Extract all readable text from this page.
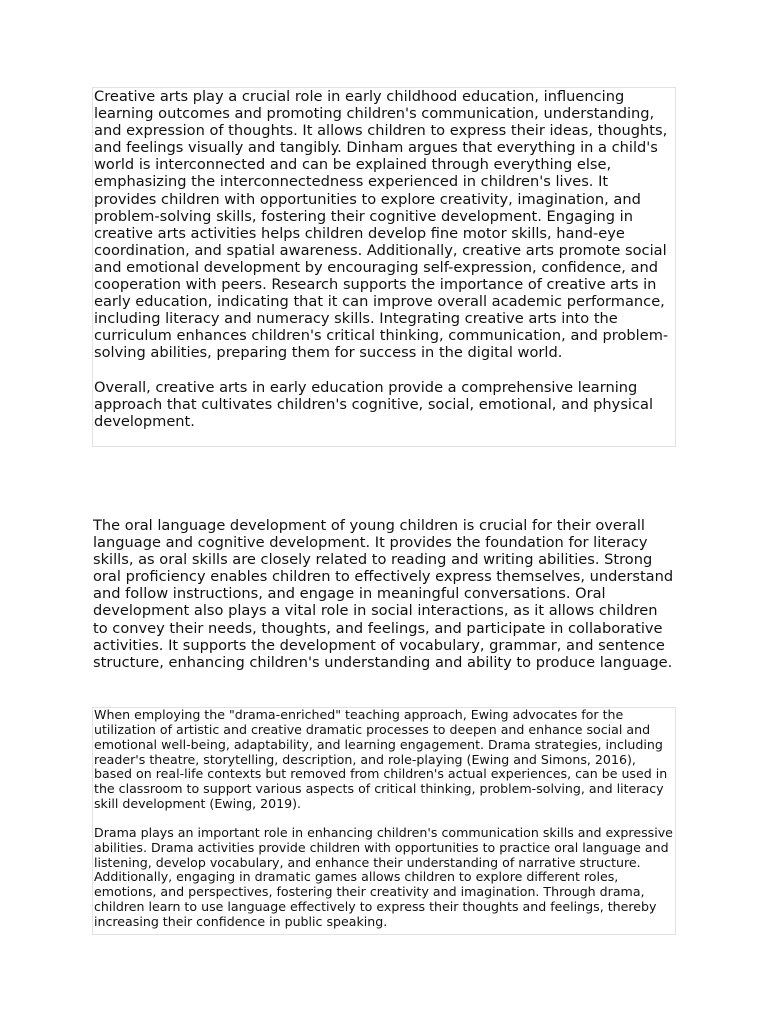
Creative arts play a crucial role in early childhood education, influencing learning outcomes and promoting children's communication, understanding, and expression of thoughts. It allows children to express their ideas, thoughts, and feelings visually and tangibly. Dinham argues that everything in a child's world is interconnected and can be explained through everything else, emphasizing the interconnectedness experienced in children's lives. It provides children with opportunities to explore creativity, imagination, and problem-solving skills, fostering their cognitive development. Engaging in creative arts activities helps children develop fine motor skills, hand-eye coordination, and spatial awareness. Additionally, creative arts promote social and emotional development by encouraging self-expression, confidence, and cooperation with peers. Research supports the importance of creative arts in early education, indicating that it can improve overall academic performance, including literacy and numeracy skills. Integrating creative arts into the curriculum enhances children's critical thinking, communication, and problem-solving abilities, preparing them for success in the digital world.

Overall, creative arts in early education provide a comprehensive learning approach that cultivates children's cognitive, social, emotional, and physical development.

The oral language development of young children is crucial for their overall language and cognitive development. It provides the foundation for literacy skills, as oral skills are closely related to reading and writing abilities. Strong oral proficiency enables children to effectively express themselves, understand and follow instructions, and engage in meaningful conversations. Oral development also plays a vital role in social interactions, as it allows children to convey their needs, thoughts, and feelings, and participate in collaborative activities. It supports the development of vocabulary, grammar, and sentence structure, enhancing children's understanding and ability to produce language.

When employing the "drama-enriched" teaching approach, Ewing advocates for the utilization of artistic and creative dramatic processes to deepen and enhance social and emotional well-being, adaptability, and learning engagement. Drama strategies, including reader's theatre, storytelling, description, and role-playing (Ewing and Simons, 2016), based on real-life contexts but removed from children's actual experiences, can be used in the classroom to support various aspects of critical thinking, problem-solving, and literacy skill development (Ewing, 2019).

Drama plays an important role in enhancing children's communication skills and expressive abilities. Drama activities provide children with opportunities to practice oral language and listening, develop vocabulary, and enhance their understanding of narrative structure. Additionally, engaging in dramatic games allows children to explore different roles, emotions, and perspectives, fostering their creativity and imagination. Through drama, children learn to use language effectively to express their thoughts and feelings, thereby increasing their confidence in public speaking.
